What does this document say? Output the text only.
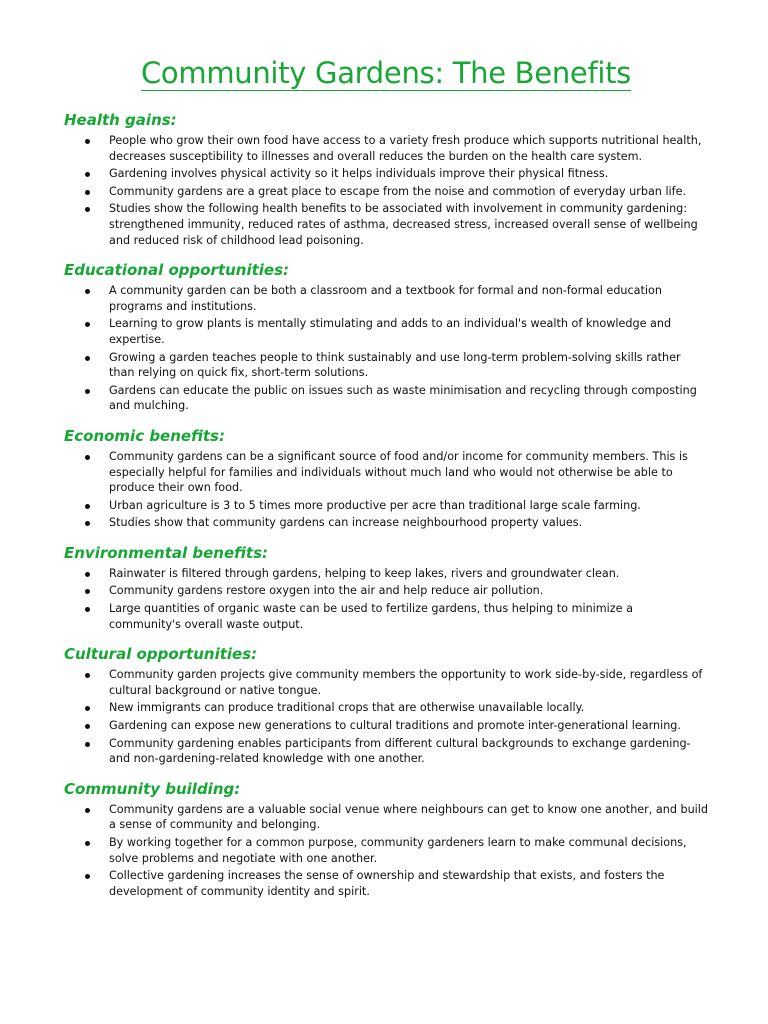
Community Gardens: The Benefits
Health gains:
People who grow their own food have access to a variety fresh produce which supports nutritional health, decreases susceptibility to illnesses and overall reduces the burden on the health care system.
Gardening involves physical activity so it helps individuals improve their physical fitness.
Community gardens are a great place to escape from the noise and commotion of everyday urban life.
Studies show the following health benefits to be associated with involvement in community gardening: strengthened immunity, reduced rates of asthma, decreased stress, increased overall sense of wellbeing and reduced risk of childhood lead poisoning.
Educational opportunities:
A community garden can be both a classroom and a textbook for formal and non-formal education programs and institutions.
Learning to grow plants is mentally stimulating and adds to an individual's wealth of knowledge and expertise.
Growing a garden teaches people to think sustainably and use long-term problem-solving skills rather than relying on quick fix, short-term solutions.
Gardens can educate the public on issues such as waste minimisation and recycling through composting and mulching.
Economic benefits:
Community gardens can be a significant source of food and/or income for community members. This is especially helpful for families and individuals without much land who would not otherwise be able to produce their own food.
Urban agriculture is 3 to 5 times more productive per acre than traditional large scale farming.
Studies show that community gardens can increase neighbourhood property values.
Environmental benefits:
Rainwater is filtered through gardens, helping to keep lakes, rivers and groundwater clean.
Community gardens restore oxygen into the air and help reduce air pollution.
Large quantities of organic waste can be used to fertilize gardens, thus helping to minimize a community's overall waste output.
Cultural opportunities:
Community garden projects give community members the opportunity to work side-by-side, regardless of cultural background or native tongue.
New immigrants can produce traditional crops that are otherwise unavailable locally.
Gardening can expose new generations to cultural traditions and promote inter-generational learning.
Community gardening enables participants from different cultural backgrounds to exchange gardening- and non-gardening-related knowledge with one another.
Community building:
Community gardens are a valuable social venue where neighbours can get to know one another, and build a sense of community and belonging.
By working together for a common purpose, community gardeners learn to make communal decisions, solve problems and negotiate with one another.
Collective gardening increases the sense of ownership and stewardship that exists, and fosters the development of community identity and spirit.
